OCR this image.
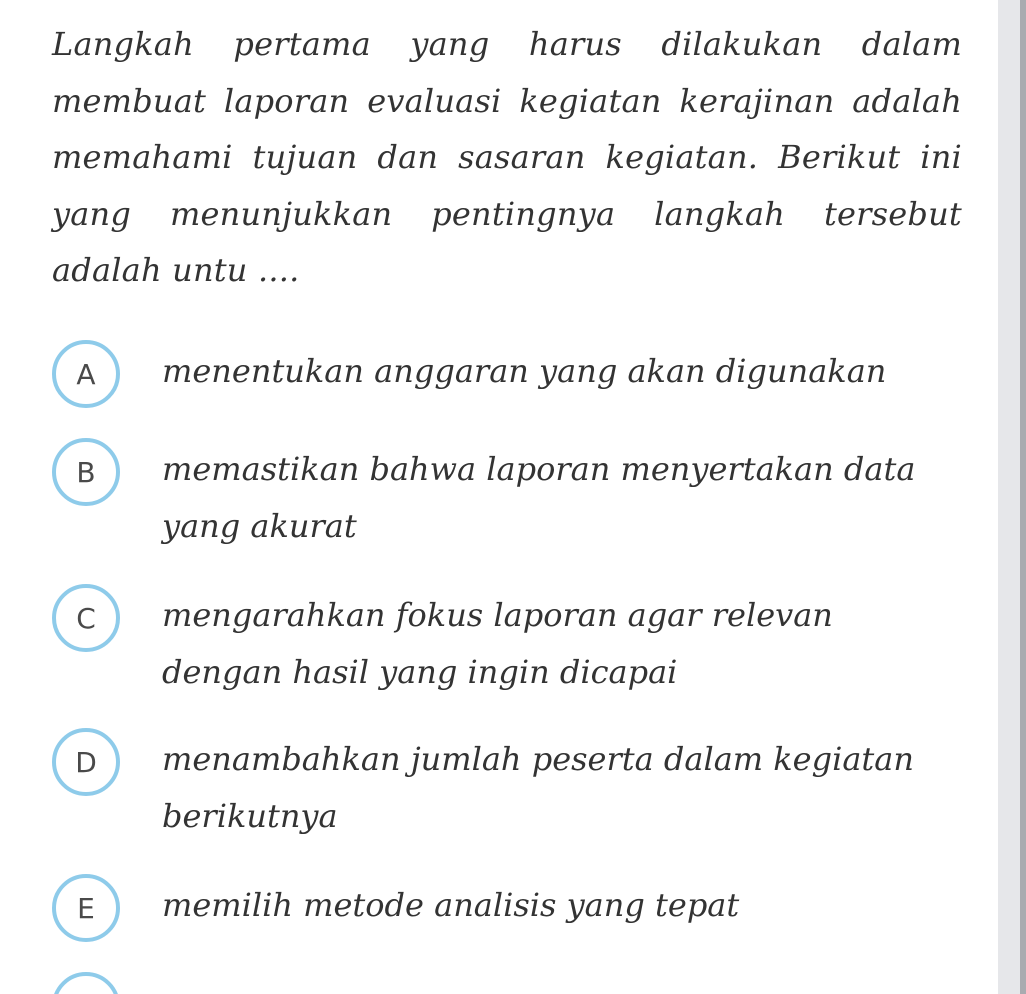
Langkah pertama yang harus dilakukan dalam membuat laporan evaluasi kegiatan kerajinan adalah memahami tujuan dan sasaran kegiatan. Berikut ini yang menunjukkan pentingnya langkah tersebut adalah untu ....

A	menentukan anggaran yang akan digunakan
B	memastikan bahwa laporan menyertakan data yang akurat
C	mengarahkan fokus laporan agar relevan dengan hasil yang ingin dicapai
D	menambahkan jumlah peserta dalam kegiatan berikutnya
E	memilih metode analisis yang tepat
